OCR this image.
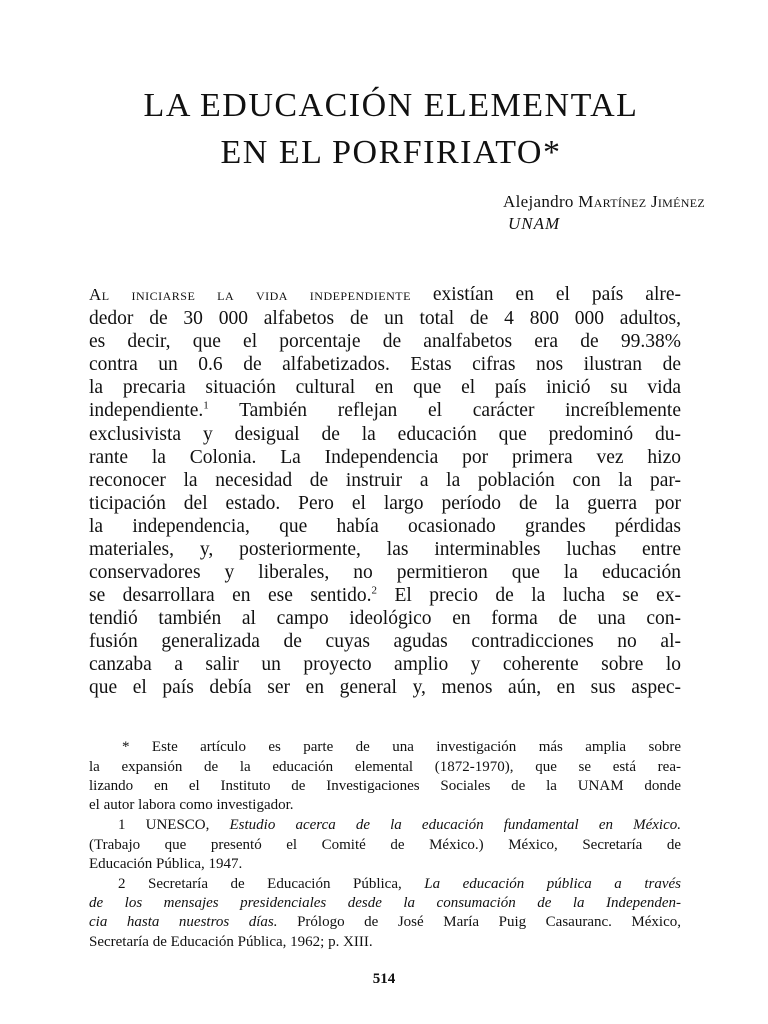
LA EDUCACIÓN ELEMENTAL
EN EL PORFIRIATO*
Alejandro Martínez Jiménez
UNAM
Al iniciarse la vida independiente existían en el país alre-
dedor de 30 000 alfabetos de un total de 4 800 000 adultos,
es decir, que el porcentaje de analfabetos era de 99.38%
contra un 0.6 de alfabetizados. Estas cifras nos ilustran de
la precaria situación cultural en que el país inició su vida
independiente.$^1$ También reflejan el carácter increíblemente
exclusivista y desigual de la educación que predominó du-
rante la Colonia. La Independencia por primera vez hizo
reconocer la necesidad de instruir a la población con la par-
ticipación del estado. Pero el largo período de la guerra por
la independencia, que había ocasionado grandes pérdidas
materiales, y, posteriormente, las interminables luchas entre
conservadores y liberales, no permitieron que la educación
se desarrollara en ese sentido.$^2$ El precio de la lucha se ex-
tendió también al campo ideológico en forma de una con-
fusión generalizada de cuyas agudas contradicciones no al-
canzaba a salir un proyecto amplio y coherente sobre lo
que el país debía ser en general y, menos aún, en sus aspec-
* Este artículo es parte de una investigación más amplia sobre
la expansión de la educación elemental (1872-1970), que se está rea-
lizando en el Instituto de Investigaciones Sociales de la UNAM donde
el autor labora como investigador.
1 UNESCO, Estudio acerca de la educación fundamental en México.
(Trabajo que presentó el Comité de México.) México, Secretaría de
Educación Pública, 1947.
2 Secretaría de Educación Pública, La educación pública a través
de los mensajes presidenciales desde la consumación de la Independen-
cia hasta nuestros días. Prólogo de José María Puig Casauranc. México,
Secretaría de Educación Pública, 1962; p. XIII.
514
